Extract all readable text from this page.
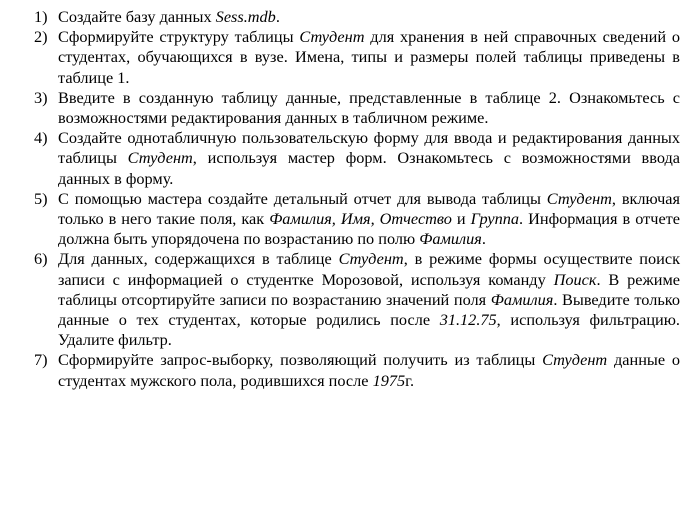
1) Создайте базу данных Sess.mdb.
2) Сформируйте структуру таблицы Студент для хранения в ней справочных сведений о студентах, обучающихся в вузе. Имена, типы и размеры полей таблицы приведены в таблице 1.
3) Введите в созданную таблицу данные, представленные в таблице 2. Ознакомьтесь с возможностями редактирования данных в табличном режиме.
4) Создайте однотабличную пользовательскую форму для ввода и редактирования данных таблицы Студент, используя мастер форм. Ознакомьтесь с возможностями ввода данных в форму.
5) С помощью мастера создайте детальный отчет для вывода таблицы Студент, включая только в него такие поля, как Фамилия, Имя, Отчество и Группа. Информация в отчете должна быть упорядочена по возрастанию по полю Фамилия.
6) Для данных, содержащихся в таблице Студент, в режиме формы осуществите поиск записи с информацией о студентке Морозовой, используя команду Поиск. В режиме таблицы отсортируйте записи по возрастанию значений поля Фамилия. Выведите только данные о тех студентах, которые родились после 31.12.75, используя фильтрацию. Удалите фильтр.
7) Сформируйте запрос-выборку, позволяющий получить из таблицы Студент данные о студентах мужского пола, родившихся после 1975г.
